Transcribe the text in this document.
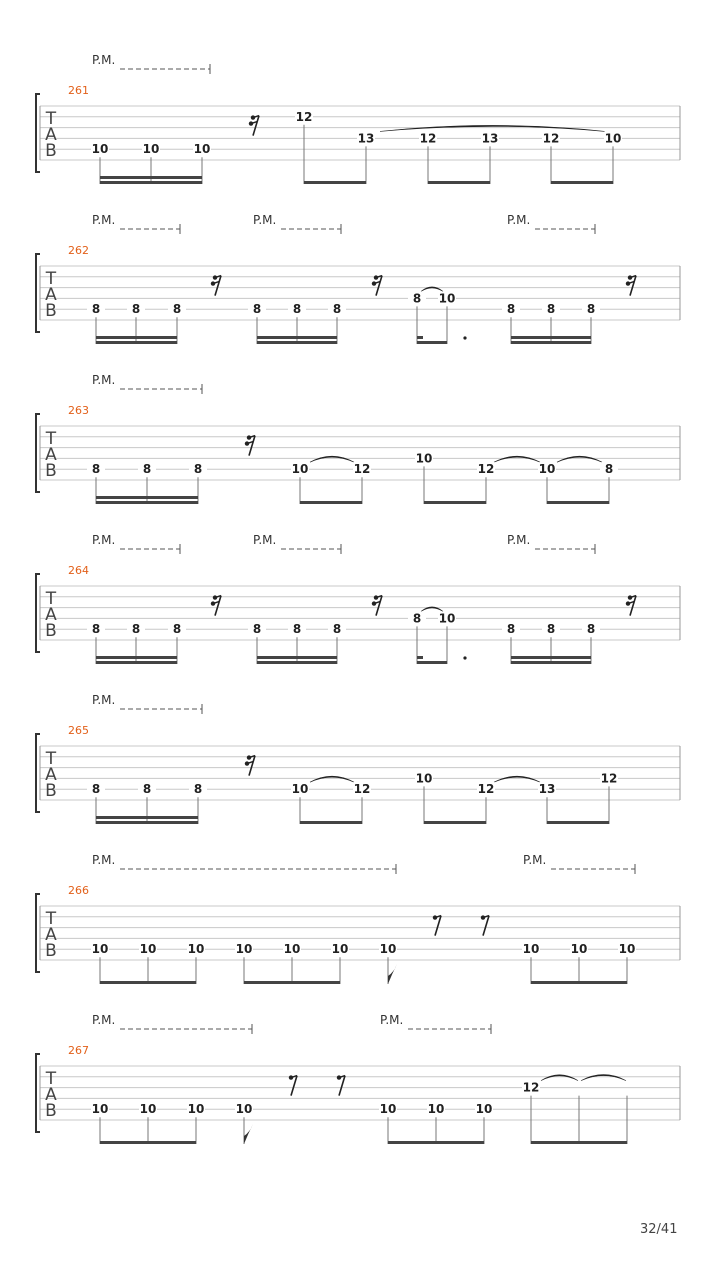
T
A
B
261
P.M.
10	10	10
12
13	12	13	12	10
T
A
B
262
P.M.	P.M.	P.M.
8	8	8	8	8	8
8 10
8	8	8
T
A
B
263
P.M.
8	8	8	10	12
10
12	10	8
T
A
B
264
P.M.	P.M.	P.M.
8	8	8	8	8	8
8 10
8	8	8
T
A
B
265
P.M.
8	8	8	10	12
10
12	13
12
T
A
B
266
P.M.	P.M.
10	10	10	10	10	10	10	10	10	10
T
A
B
267
P.M.	P.M.
10	10	10	10	10	10	10
12
32/41
